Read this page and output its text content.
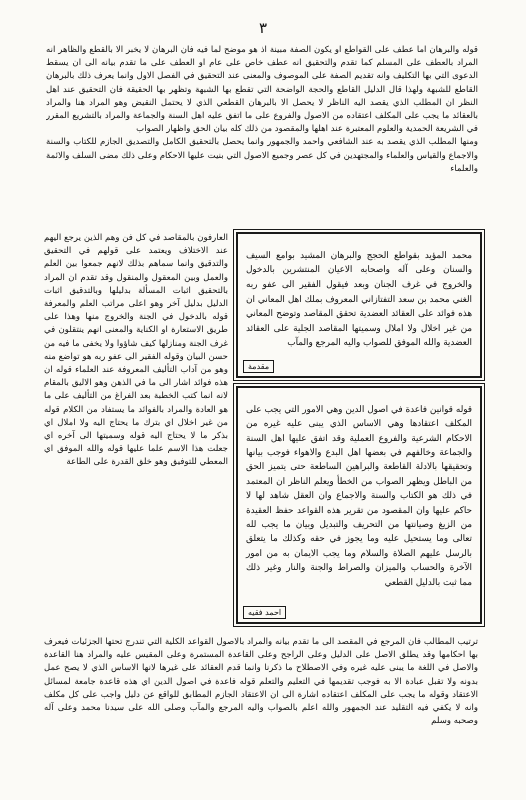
٣

قوله والبرهان اما عطف على القواطع او يكون الصفة مبينة اذ هو موضح لما فيه فان البرهان لا يخبر الا بالقطع والظاهر انه المراد بالعطف على المسلم كما تقدم والتحقيق انه عطف خاص على عام او العطف على ما تقدم بيانه الى ان يسقط الدعوى التي بها التكليف وانه تقديم الصفة على الموصوف والمعنى عند التحقيق في الفصل الاول وانما يعرف ذلك بالبرهان القاطع للشبهة ولهذا قال الدليل القاطع والحجة الواضحة التي تقطع بها الشبهة وتظهر بها الحقيقة فان التحقيق عند اهل النظر ان المطلب الذي يقصد اليه الناظر لا يحصل الا بالبرهان القطعي الذي لا يحتمل النقيض وهو المراد هنا والمراد بالعقائد ما يجب على المكلف اعتقاده من الاصول والفروع على ما اتفق عليه اهل السنة والجماعة والمراد بالتشريع المقرر في الشريعة الحمدية والعلوم المعتبرة عند اهلها والمقصود من ذلك كله بيان الحق واظهار الصواب

ومنها المطلب الذي يقصد به عند الشافعي واحمد والجمهور وانما يحصل بالتحقيق الكامل والتصديق الجازم للكتاب والسنة والاجماع والقياس والعلماء والمجتهدين في كل عصر وجميع الاصول التي بنيت عليها الاحكام وعلى ذلك مضى السلف والائمة والعلماء

العارفون بالمقاصد في كل فن وهم الذين يرجع اليهم عند الاختلاف ويعتمد على قولهم في التحقيق والتدقيق وانما سماهم بذلك لانهم جمعوا بين العلم والعمل وبين المعقول والمنقول وقد تقدم ان المراد بالتحقيق اثبات المسألة بدليلها وبالتدقيق اثبات الدليل بدليل آخر وهو اعلى مراتب العلم والمعرفة قوله بالدخول في الجنة والخروج منها وهذا على طريق الاستعارة او الكناية والمعنى انهم ينتقلون في غرف الجنة ومنازلها كيف شاؤوا ولا يخفى ما فيه من حسن البيان وقوله الفقير الى عفو ربه هو تواضع منه وهو من آداب التأليف المعروفة عند العلماء قوله ان هذه فوائد اشار الى ما في الذهن وهو الاليق بالمقام لانه انما كتب الخطبة بعد الفراغ من التأليف على ما هو العادة والمراد بالفوائد ما يستفاد من الكلام قوله من غير اخلال اي بترك ما يحتاج اليه ولا املال اي بذكر ما لا يحتاج اليه قوله وسميتها الى آخره اي جعلت هذا الاسم علما عليها قوله والله الموفق اي المعطي للتوفيق وهو خلق القدرة على الطاعة

محمد المؤيد بقواطع الحجج والبرهان المشيد بوامع السيف والسنان وعلى آله واصحابه الاعيان المنتشرين بالدخول والخروج في غرف الجنان وبعد فيقول الفقير الى عفو ربه الغني محمد بن سعد التفتازاني المعروف بملك اهل المعاني ان هذه فوائد على العقائد العضدية تحقق المقاصد وتوضح المعاني من غير اخلال ولا املال وسميتها المقاصد الجلية على العقائد العضدية والله الموفق للصواب واليه المرجع والمآب

مقدمة

قوله قوانين فاعدة في اصول الدين وهي الامور التي يجب على المكلف اعتقادها وهي الاساس الذي يبنى عليه غيره من الاحكام الشرعية والفروع العملية وقد اتفق عليها اهل السنة والجماعة وخالفهم في بعضها اهل البدع والاهواء فوجب بيانها وتحقيقها بالادلة القاطعة والبراهين الساطعة حتى يتميز الحق من الباطل ويظهر الصواب من الخطأ ويعلم الناظر ان المعتمد في ذلك هو الكتاب والسنة والاجماع وان العقل شاهد لها لا حاكم عليها وان المقصود من تقرير هذه القواعد حفظ العقيدة من الزيغ وصيانتها من التحريف والتبديل وبيان ما يجب لله تعالى وما يستحيل عليه وما يجوز في حقه وكذلك ما يتعلق بالرسل عليهم الصلاة والسلام وما يجب الايمان به من امور الآخرة والحساب والميزان والصراط والجنة والنار وغير ذلك مما ثبت بالدليل القطعي

احمد فقيه

ترتيب المطالب فان المرجع في المقصد الى ما تقدم بيانه والمراد بالاصول القواعد الكلية التي تندرج تحتها الجزئيات فيعرف بها احكامها وقد يطلق الاصل على الدليل وعلى الراجح وعلى القاعدة المستمرة وعلى المقيس عليه والمراد هنا القاعدة والاصل في اللغة ما يبنى عليه غيره وفي الاصطلاح ما ذكرنا وانما قدم العقائد على غيرها لانها الاساس الذي لا يصح عمل بدونه ولا تقبل عبادة الا به فوجب تقديمها في التعليم والتعلم قوله فاعدة في اصول الدين اي هذه قاعدة جامعة لمسائل الاعتقاد وقوله ما يجب على المكلف اعتقاده اشارة الى ان الاعتقاد الجازم المطابق للواقع عن دليل واجب على كل مكلف وانه لا يكفي فيه التقليد عند الجمهور والله اعلم بالصواب واليه المرجع والمآب وصلى الله على سيدنا محمد وعلى آله وصحبه وسلم
